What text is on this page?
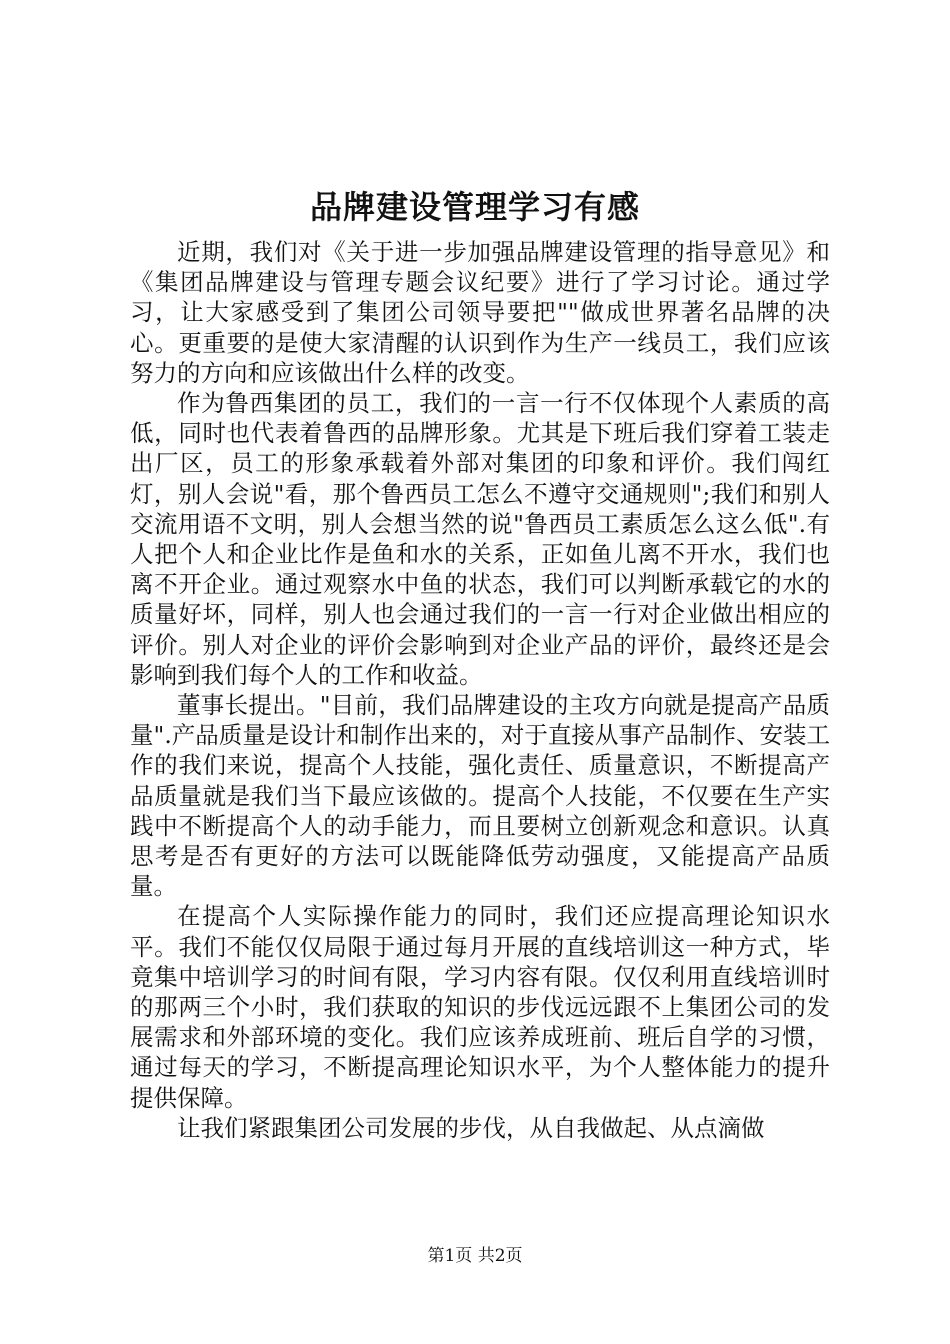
品牌建设管理学习有感

近期，我们对《关于进一步加强品牌建设管理的指导意见》和《集团品牌建设与管理专题会议纪要》进行了学习讨论。通过学习，让大家感受到了集团公司领导要把""做成世界著名品牌的决心。更重要的是使大家清醒的认识到作为生产一线员工，我们应该努力的方向和应该做出什么样的改变。

作为鲁西集团的员工，我们的一言一行不仅体现个人素质的高低，同时也代表着鲁西的品牌形象。尤其是下班后我们穿着工装走出厂区，员工的形象承载着外部对集团的印象和评价。我们闯红灯，别人会说"看，那个鲁西员工怎么不遵守交通规则";我们和别人交流用语不文明，别人会想当然的说"鲁西员工素质怎么这么低".有人把个人和企业比作是鱼和水的关系，正如鱼儿离不开水，我们也离不开企业。通过观察水中鱼的状态，我们可以判断承载它的水的质量好坏，同样，别人也会通过我们的一言一行对企业做出相应的评价。别人对企业的评价会影响到对企业产品的评价，最终还是会影响到我们每个人的工作和收益。

董事长提出。"目前，我们品牌建设的主攻方向就是提高产品质量".产品质量是设计和制作出来的，对于直接从事产品制作、安装工作的我们来说，提高个人技能，强化责任、质量意识，不断提高产品质量就是我们当下最应该做的。提高个人技能，不仅要在生产实践中不断提高个人的动手能力，而且要树立创新观念和意识。认真思考是否有更好的方法可以既能降低劳动强度，又能提高产品质量。

在提高个人实际操作能力的同时，我们还应提高理论知识水平。我们不能仅仅局限于通过每月开展的直线培训这一种方式，毕竟集中培训学习的时间有限，学习内容有限。仅仅利用直线培训时的那两三个小时，我们获取的知识的步伐远远跟不上集团公司的发展需求和外部环境的变化。我们应该养成班前、班后自学的习惯，通过每天的学习，不断提高理论知识水平，为个人整体能力的提升提供保障。

让我们紧跟集团公司发展的步伐，从自我做起、从点滴做

第1页 共2页
